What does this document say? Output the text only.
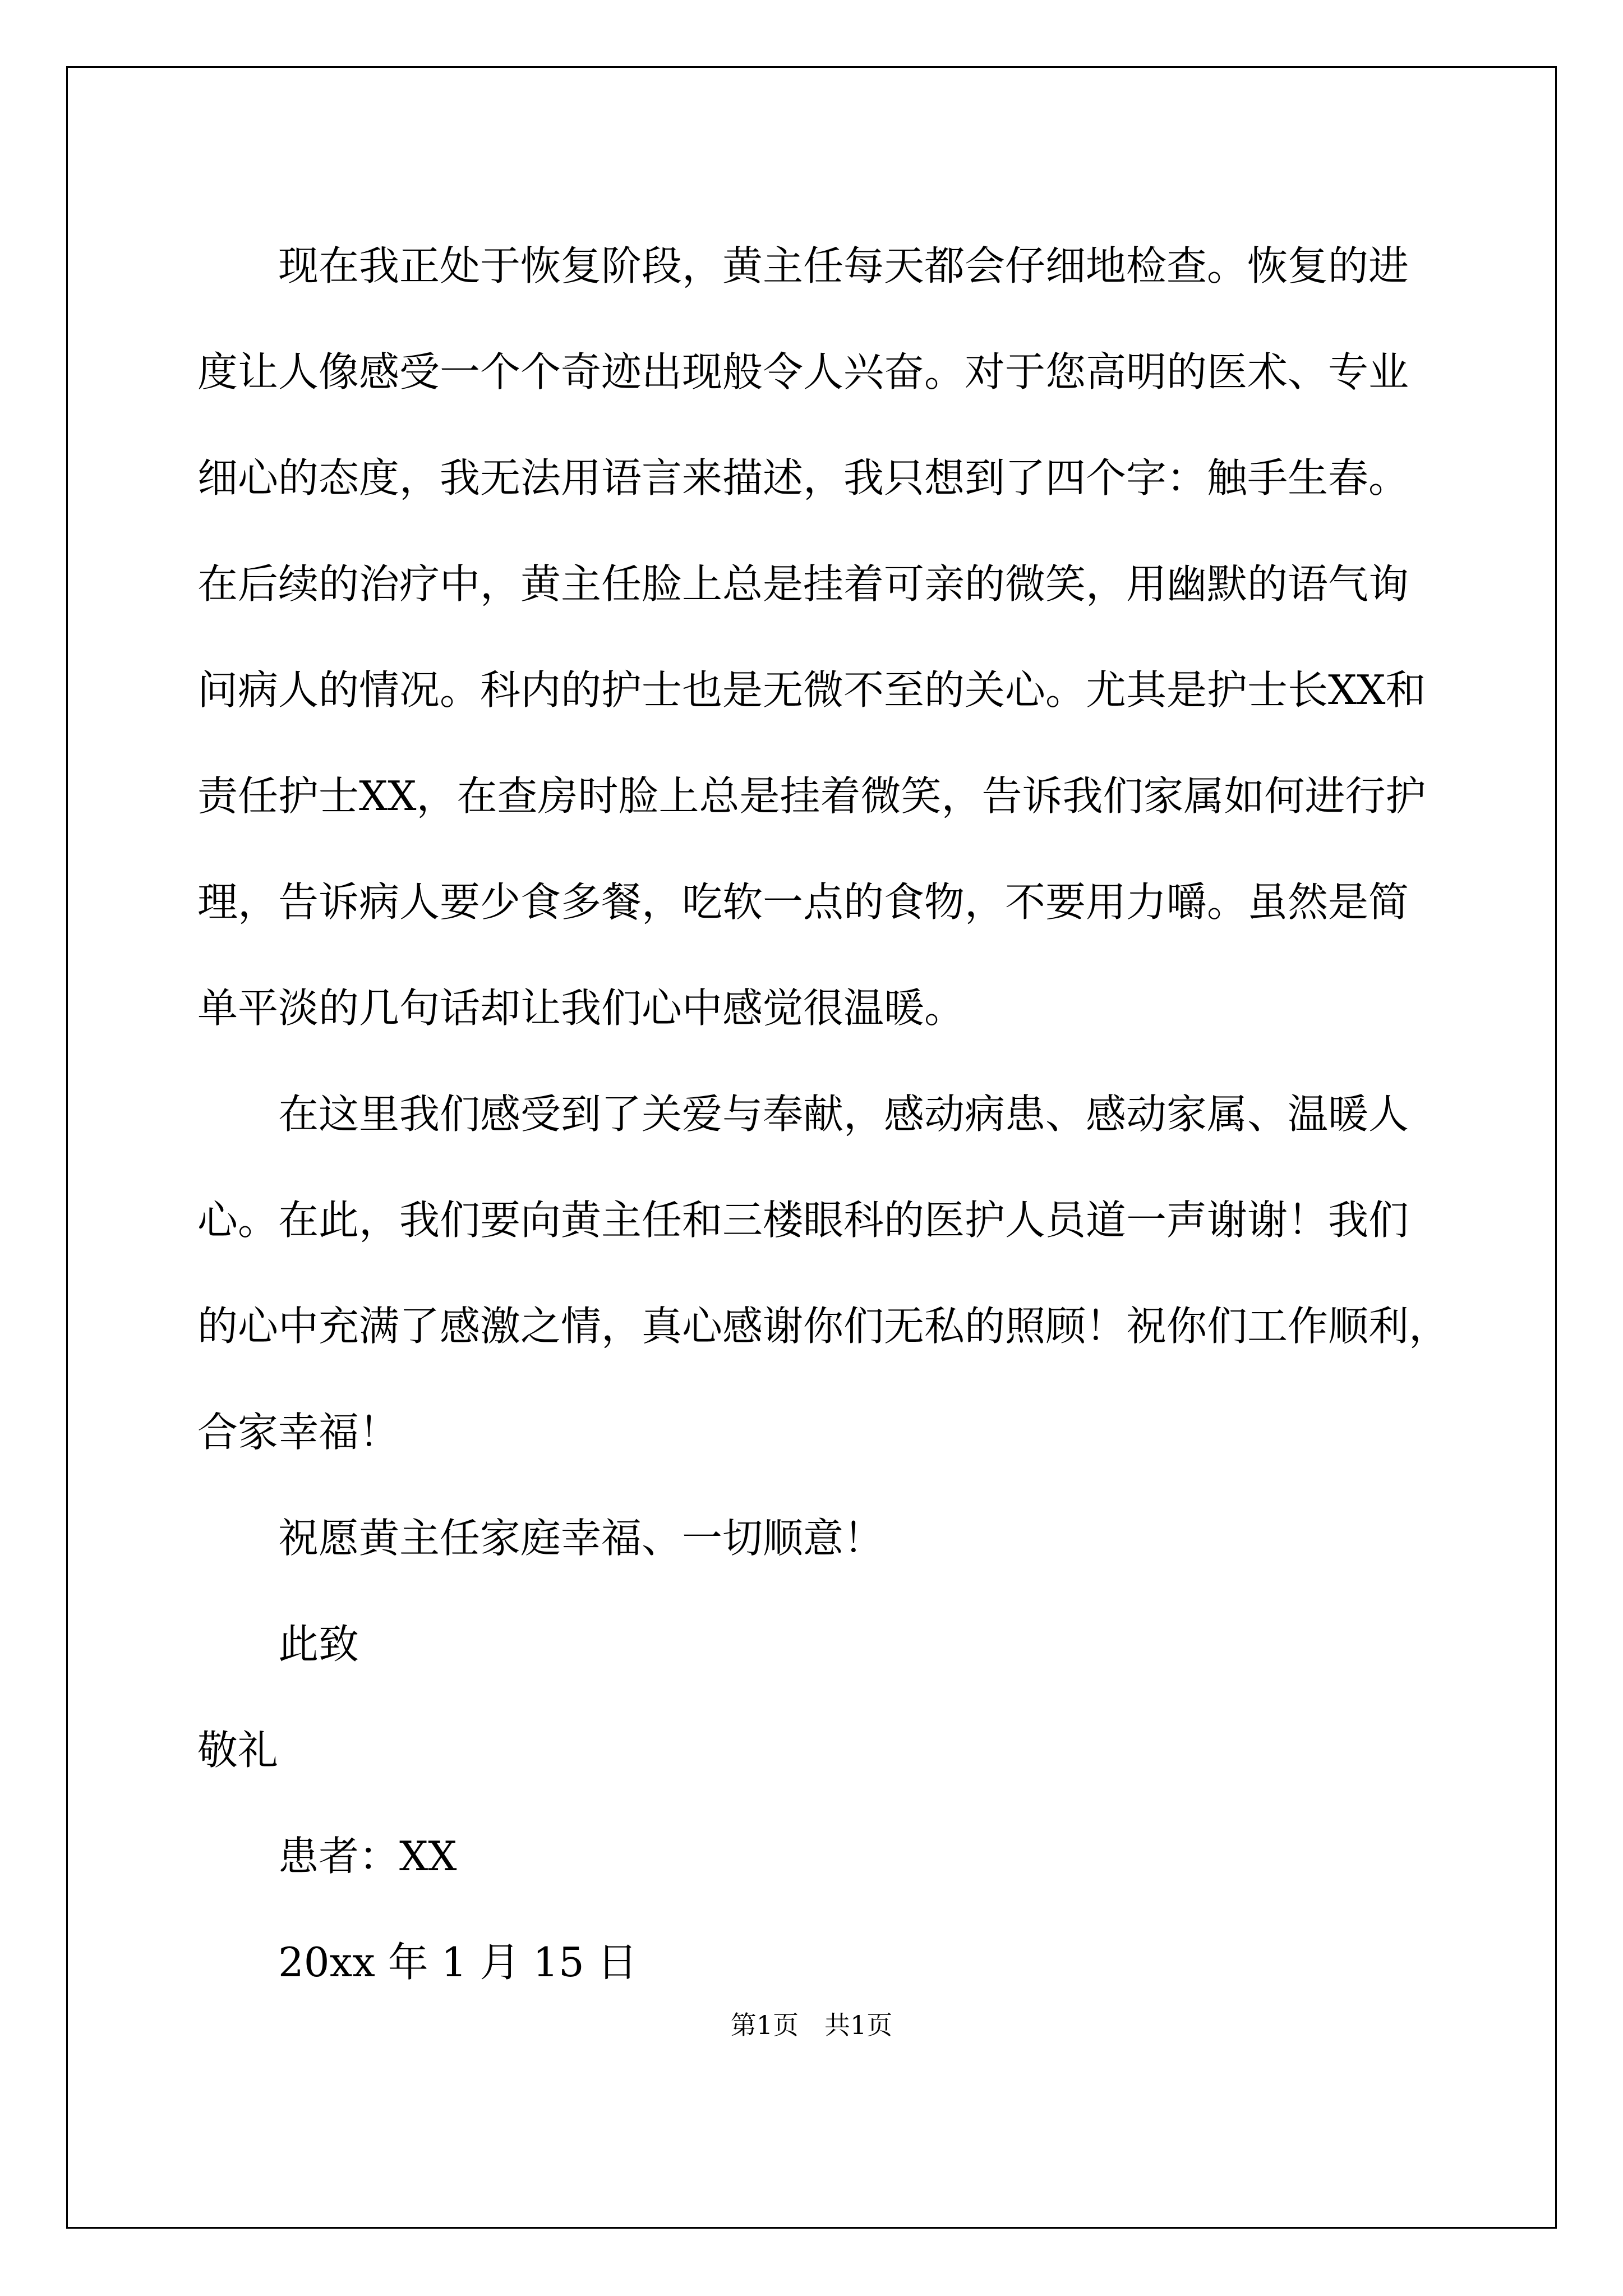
现在我正处于恢复阶段，黄主任每天都会仔细地检查。恢复的进
度让人像感受一个个奇迹出现般令人兴奋。对于您高明的医术、专业
细心的态度，我无法用语言来描述，我只想到了四个字：触手生春。
在后续的治疗中，黄主任脸上总是挂着可亲的微笑，用幽默的语气询
问病人的情况。科内的护士也是无微不至的关心。尤其是护士长XX和
责任护士XX，在查房时脸上总是挂着微笑，告诉我们家属如何进行护
理，告诉病人要少食多餐，吃软一点的食物，不要用力嚼。虽然是简
单平淡的几句话却让我们心中感觉很温暖。
在这里我们感受到了关爱与奉献，感动病患、感动家属、温暖人
心。在此，我们要向黄主任和三楼眼科的医护人员道一声谢谢！我们
的心中充满了感激之情，真心感谢你们无私的照顾！祝你们工作顺利，
合家幸福！
祝愿黄主任家庭幸福、一切顺意！
此致
敬礼
患者：XX
20xx 年 1 月 15 日
第1页　共1页
